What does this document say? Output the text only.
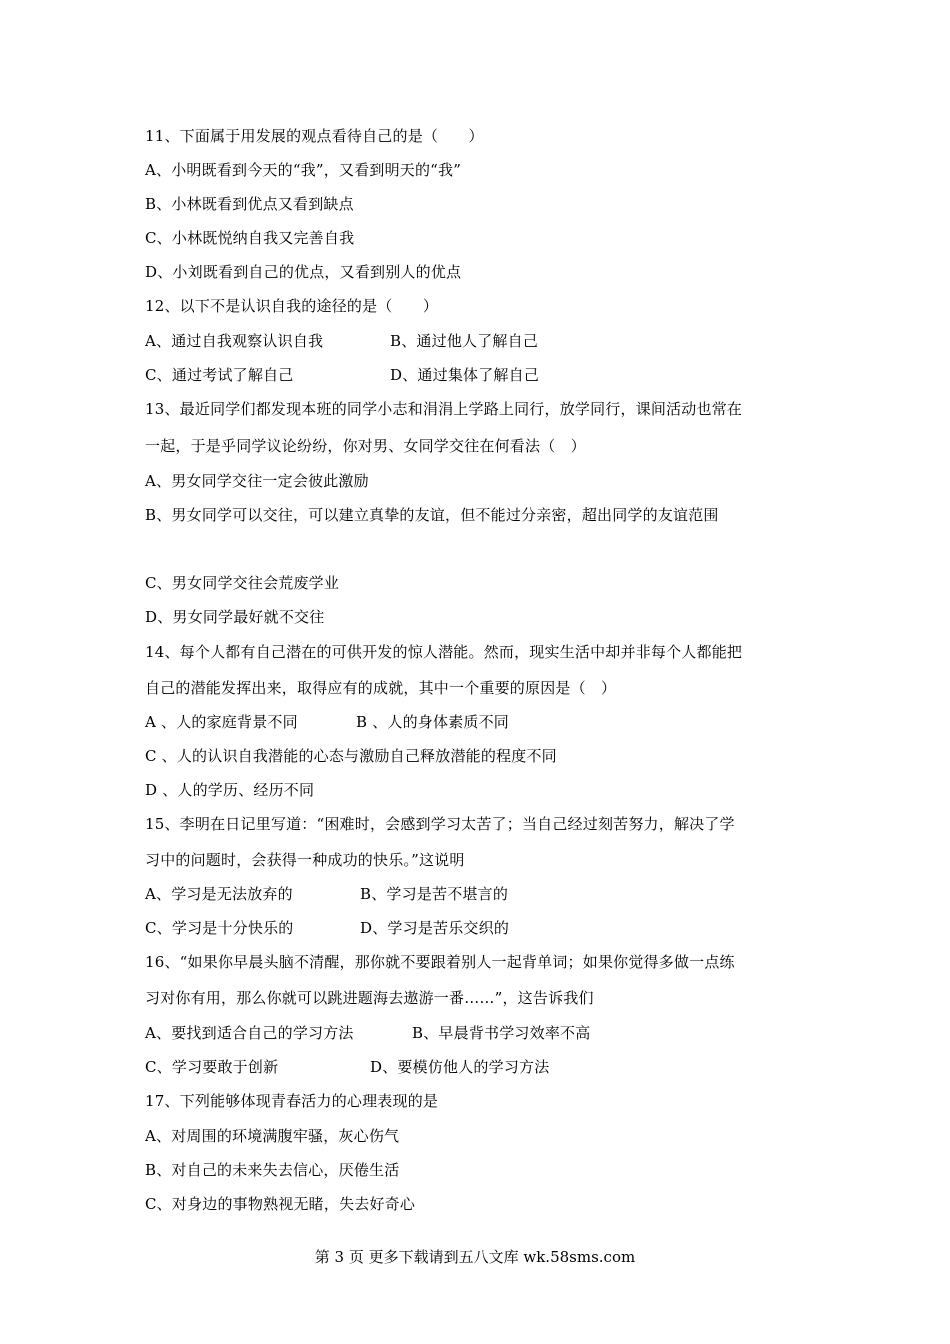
11、下面属于用发展的观点看待自己的是（　　）
A、小明既看到今天的“我”，又看到明天的“我”
B、小林既看到优点又看到缺点
C、小林既悦纳自我又完善自我
D、小刘既看到自己的优点，又看到别人的优点
12、以下不是认识自我的途径的是（　　）
A、通过自我观察认识自我	B、通过他人了解自己
C、通过考试了解自己	D、通过集体了解自己
13、最近同学们都发现本班的同学小志和涓涓上学路上同行，放学同行，课间活动也常在
一起，于是乎同学议论纷纷，你对男、女同学交往在何看法（　）
A、男女同学交往一定会彼此激励
B、男女同学可以交往，可以建立真挚的友谊，但不能过分亲密，超出同学的友谊范围
C、男女同学交往会荒废学业
D、男女同学最好就不交往
14、每个人都有自己潜在的可供开发的惊人潜能。然而，现实生活中却并非每个人都能把
自己的潜能发挥出来，取得应有的成就，其中一个重要的原因是（　）
A 、人的家庭背景不同	B 、人的身体素质不同
C 、人的认识自我潜能的心态与激励自己释放潜能的程度不同
D 、人的学历、经历不同
15、李明在日记里写道：“困难时，会感到学习太苦了；当自己经过刻苦努力，解决了学
习中的问题时，会获得一种成功的快乐。”这说明
A、学习是无法放弃的	B、学习是苦不堪言的
C、学习是十分快乐的	D、学习是苦乐交织的
16、“如果你早晨头脑不清醒，那你就不要跟着别人一起背单词；如果你觉得多做一点练
习对你有用，那么你就可以跳进题海去遨游一番……”，这告诉我们
A、要找到适合自己的学习方法	B、早晨背书学习效率不高
C、学习要敢于创新	D、要模仿他人的学习方法
17、下列能够体现青春活力的心理表现的是
A、对周围的环境满腹牢骚，灰心伤气
B、对自己的未来失去信心，厌倦生活
C、对身边的事物熟视无睹，失去好奇心
第 3 页 更多下载请到五八文库 wk.58sms.com
